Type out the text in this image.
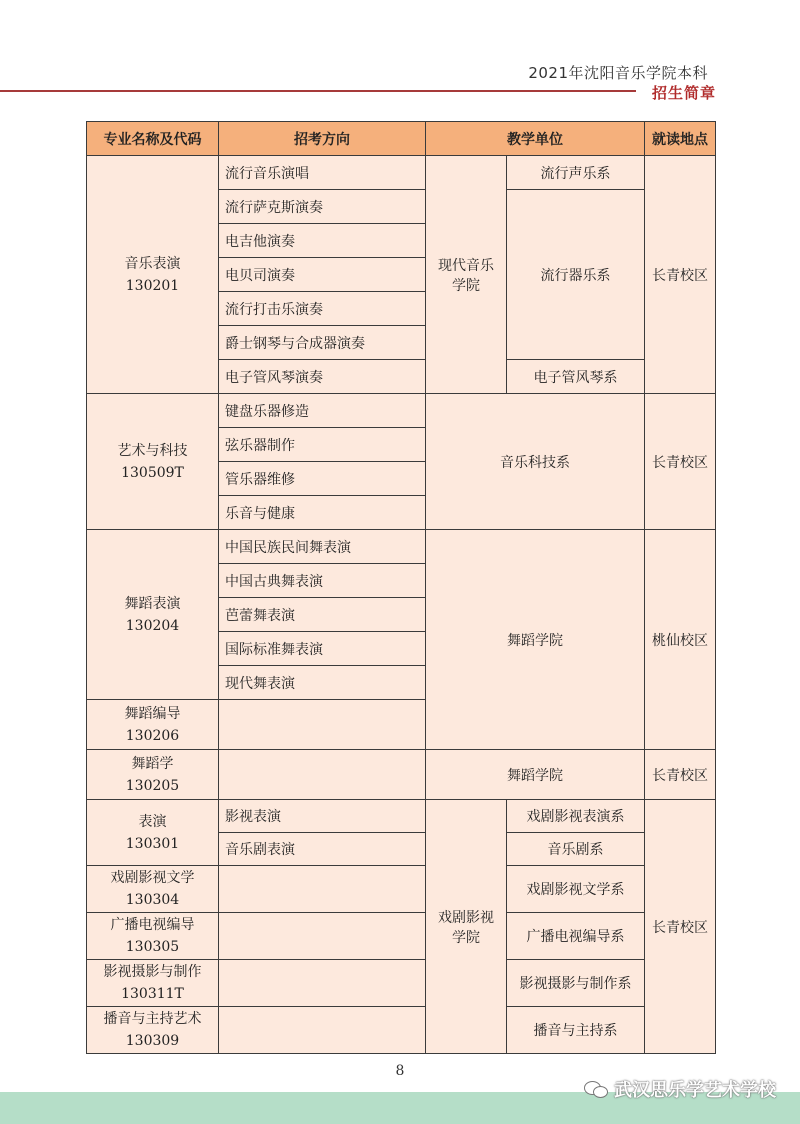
2021年沈阳音乐学院本科
招生简章
专业名称及代码	招考方向	教学单位		就读地点

音乐表演
130201	流行音乐演唱	现代音乐学院	流行声乐系	长青校区
	流行萨克斯演奏		流行器乐系	
	电吉他演奏			
	电贝司演奏			
	流行打击乐演奏			
	爵士钢琴与合成器演奏			
	电子管风琴演奏		电子管风琴系	

艺术与科技
130509T	键盘乐器修造	音乐科技系		长青校区
	弦乐器制作			
	管乐器维修			
	乐音与健康			

舞蹈表演
130204	中国民族民间舞表演	舞蹈学院		桃仙校区
	中国古典舞表演			
	芭蕾舞表演			
	国际标准舞表演			
	现代舞表演			

舞蹈编导
130206				

舞蹈学
130205		舞蹈学院		长青校区

表演
130301	影视表演	戏剧影视学院	戏剧影视表演系	长青校区
	音乐剧表演		音乐剧系	

戏剧影视文学
130304			戏剧影视文学系	

广播电视编导
130305			广播电视编导系	

影视摄影与制作
130311T			影视摄影与制作系	

播音与主持艺术
130309			播音与主持系	
8
武汉思乐学艺术学校
